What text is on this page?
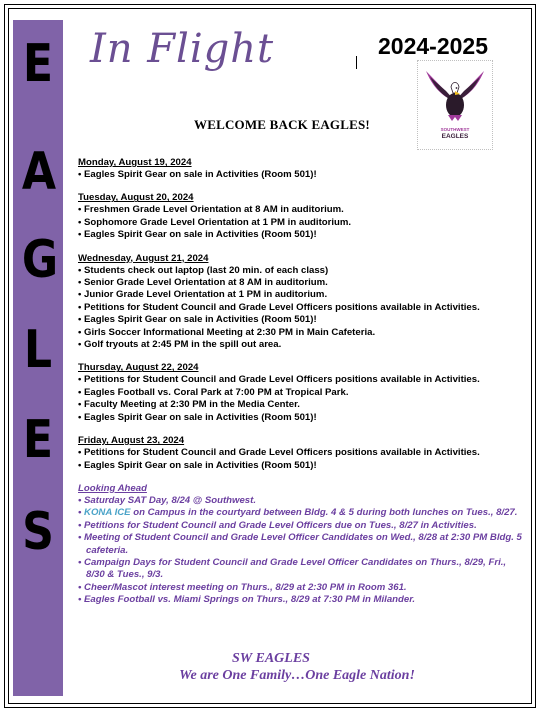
E
A
G
L
E
S
In Flight	2024-2025
SOUTHWEST
EAGLES
WELCOME BACK EAGLES!
Monday, August 19, 2024
• Eagles Spirit Gear on sale in Activities (Room 501)!
Tuesday, August 20, 2024
• Freshmen Grade Level Orientation at 8 AM in auditorium.
• Sophomore Grade Level Orientation at 1 PM in auditorium.
• Eagles Spirit Gear on sale in Activities (Room 501)!
Wednesday, August 21, 2024
• Students check out laptop (last 20 min. of each class)
• Senior Grade Level Orientation at 8 AM in auditorium.
• Junior Grade Level Orientation at 1 PM in auditorium.
• Petitions for Student Council and Grade Level Officers positions available in Activities.
• Eagles Spirit Gear on sale in Activities (Room 501)!
• Girls Soccer Informational Meeting at 2:30 PM in Main Cafeteria.
• Golf tryouts at 2:45 PM in the spill out area.
Thursday, August 22, 2024
• Petitions for Student Council and Grade Level Officers positions available in Activities.
• Eagles Football vs. Coral Park at 7:00 PM at Tropical Park.
• Faculty Meeting at 2:30 PM in the Media Center.
• Eagles Spirit Gear on sale in Activities (Room 501)!
Friday, August 23, 2024
• Petitions for Student Council and Grade Level Officers positions available in Activities.
• Eagles Spirit Gear on sale in Activities (Room 501)!
Looking Ahead
• Saturday SAT Day, 8/24 @ Southwest.
• KONA ICE on Campus in the courtyard between Bldg. 4 & 5 during both lunches on Tues., 8/27.
• Petitions for Student Council and Grade Level Officers due on Tues., 8/27 in Activities.
• Meeting of Student Council and Grade Level Officer Candidates on Wed., 8/28 at 2:30 PM Bldg. 5 cafeteria.
• Campaign Days for Student Council and Grade Level Officer Candidates on Thurs., 8/29, Fri., 8/30 & Tues., 9/3.
• Cheer/Mascot interest meeting on Thurs., 8/29 at 2:30 PM in Room 361.
• Eagles Football vs. Miami Springs on Thurs., 8/29 at 7:30 PM in Milander.
SW EAGLES
We are One Family…One Eagle Nation!
